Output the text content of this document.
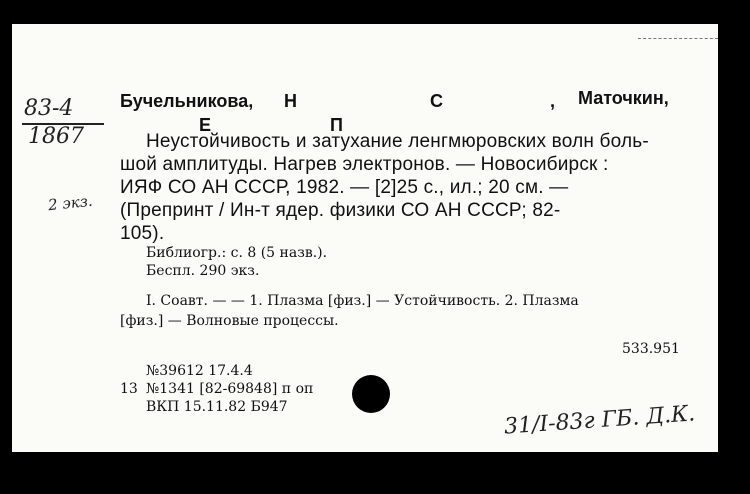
83-4
1867
2 экз.
Бучельникова, Н	С	, Маточкин,
Е	П
Неустойчивость и затухание ленгмюровских волн боль-
шой амплитуды. Нагрев электронов. — Новосибирск :
ИЯФ СО АН СССР, 1982. — [2]25 с., ил.; 20 см. —
(Препринт / Ин-т ядер. физики СО АН СССР; 82-
105).
Библиогр.: с. 8 (5 назв.).
Беспл. 290 экз.
I. Соавт. — — 1. Плазма [физ.] — Устойчивость. 2. Плазма
[физ.] — Волновые процессы.
533.951
№39612 17.4.4
13 №1341 [82-69848] п оп
ВКП 15.11.82 Б947	31/I-83г ГБ. Д.К.
